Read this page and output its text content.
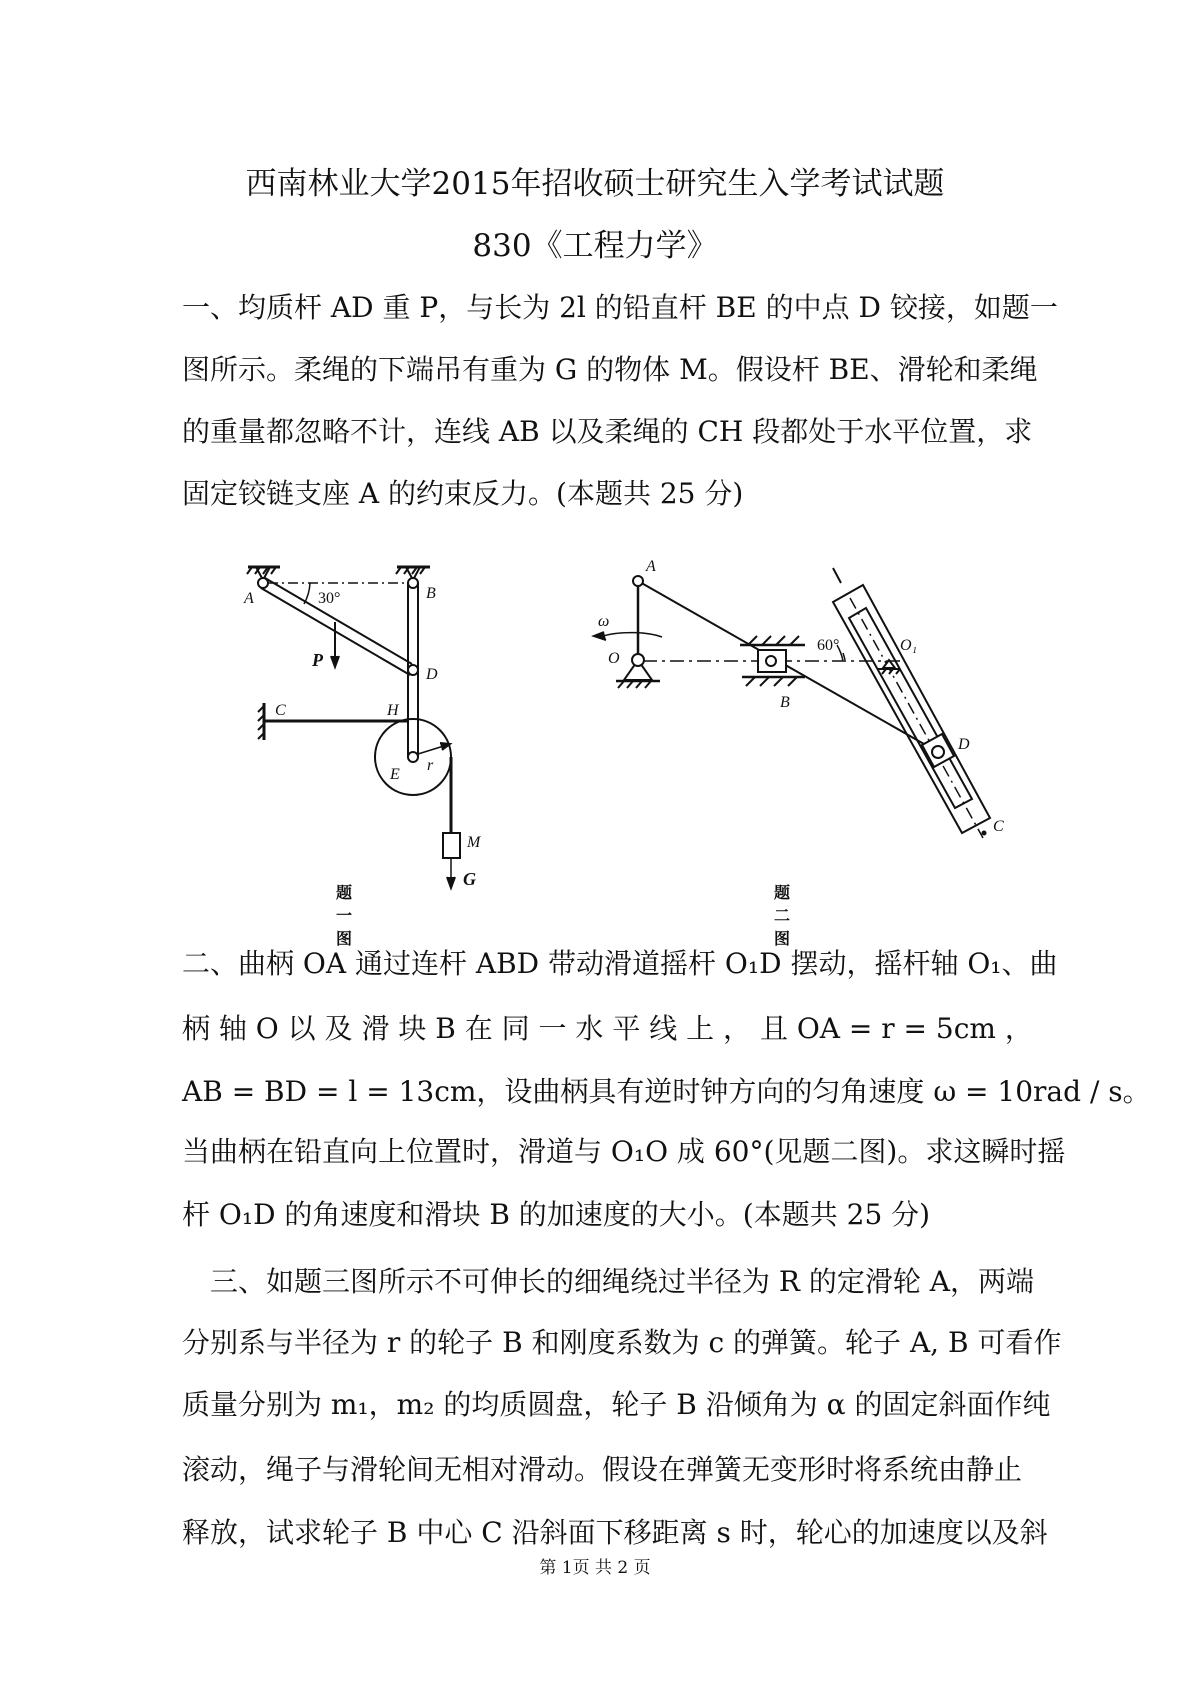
西南林业大学2015年招收硕士研究生入学考试试题
830《工程力学》
一、均质杆 AD 重 P，与长为 2l 的铅直杆 BE 的中点 D 铰接，如题一
图所示。柔绳的下端吊有重为 G 的物体 M。假设杆 BE、滑轮和柔绳
的重量都忽略不计，连线 AB 以及柔绳的 CH 段都处于水平位置，求
固定铰链支座 A 的约束反力。(本题共 25 分)
A	B
D
C	H
E
r
M
P
G
30°
题一图
A
O
ω
B
O₁
D
C
60°
题二图
二、曲柄 OA 通过连杆 ABD 带动滑道摇杆 O₁D 摆动，摇杆轴 O₁、曲
柄 轴 O 以 及 滑 块 B 在 同 一 水 平 线 上 ， 且 OA = r = 5cm ，
AB = BD = l = 13cm，设曲柄具有逆时钟方向的匀角速度 ω = 10rad / s。
当曲柄在铅直向上位置时，滑道与 O₁O 成 60°(见题二图)。求这瞬时摇
杆 O₁D 的角速度和滑块 B 的加速度的大小。(本题共 25 分)
　三、如题三图所示不可伸长的细绳绕过半径为 R 的定滑轮 A，两端
分别系与半径为 r 的轮子 B 和刚度系数为 c 的弹簧。轮子 A, B 可看作
质量分别为 m₁，m₂ 的均质圆盘，轮子 B 沿倾角为 α 的固定斜面作纯
滚动，绳子与滑轮间无相对滑动。假设在弹簧无变形时将系统由静止
释放，试求轮子 B 中心 C 沿斜面下移距离 s 时，轮心的加速度以及斜
第 1页 共 2 页
